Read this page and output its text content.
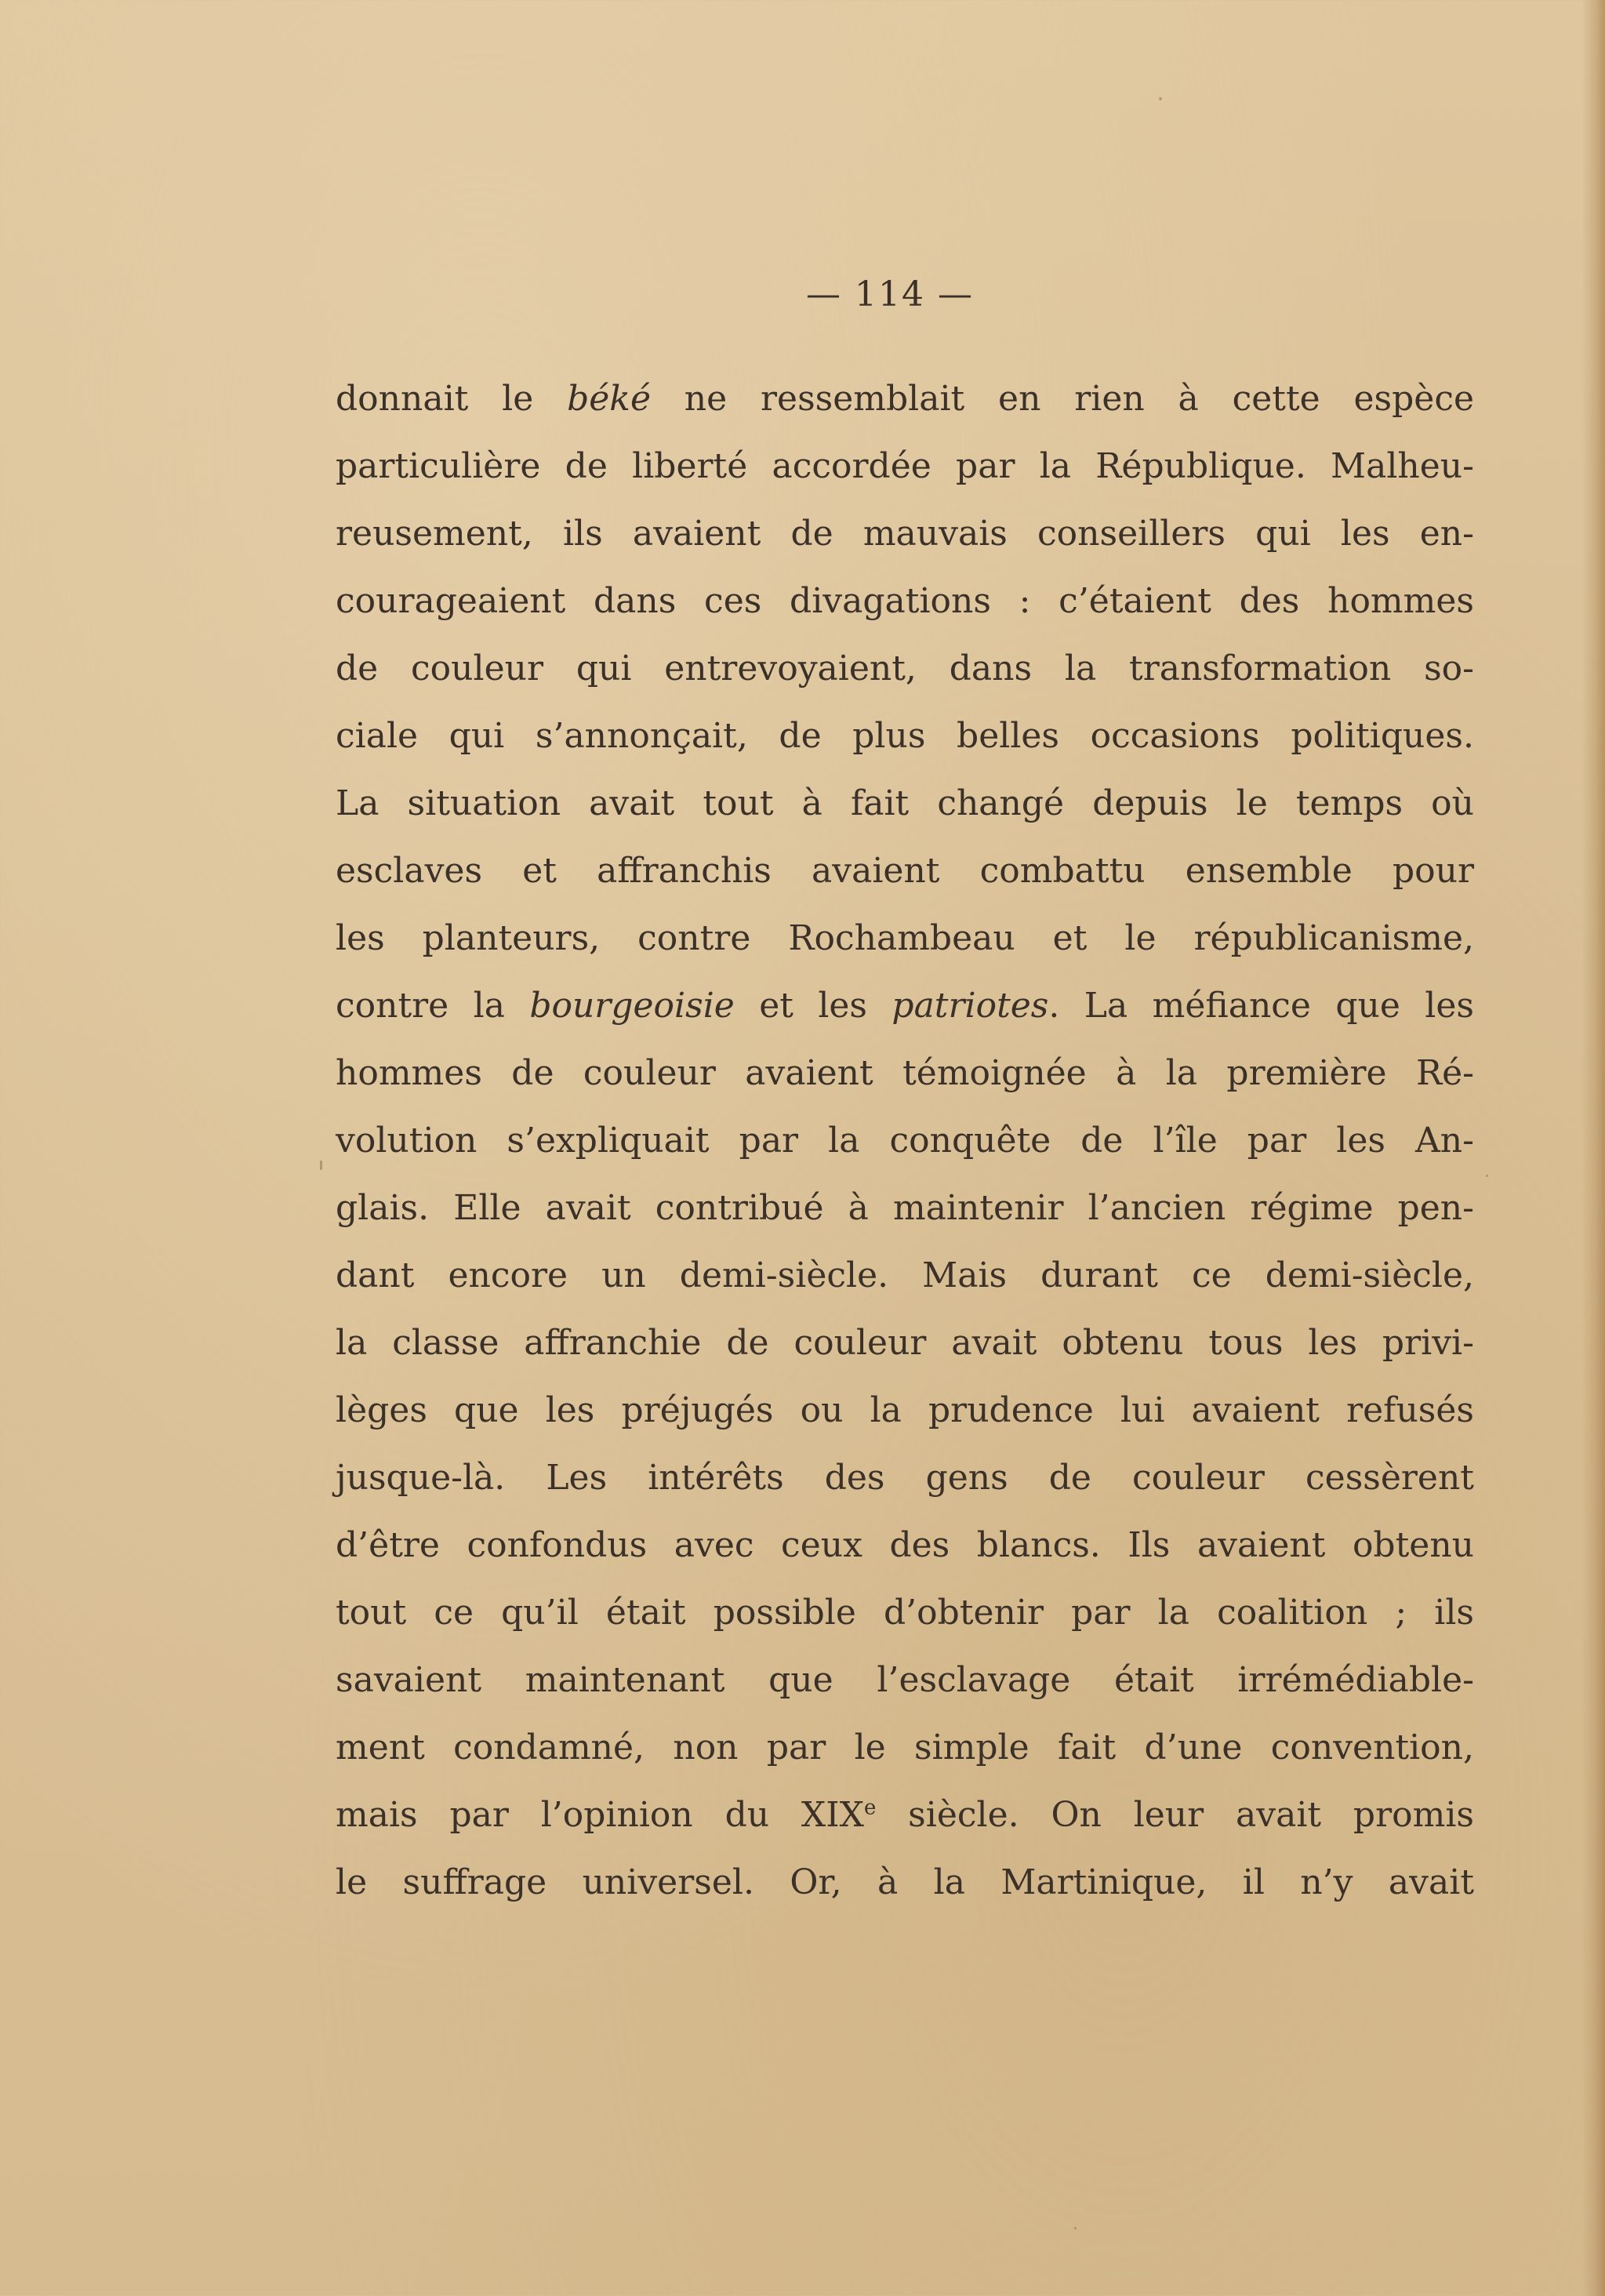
— 114 —
donnait le béké ne ressemblait en rien à cette espèce
particulière de liberté accordée par la République. Malheu-
reusement, ils avaient de mauvais conseillers qui les en-
courageaient dans ces divagations : c’étaient des hommes
de couleur qui entrevoyaient, dans la transformation so-
ciale qui s’annonçait, de plus belles occasions politiques.
La situation avait tout à fait changé depuis le temps où
esclaves et affranchis avaient combattu ensemble pour
les planteurs, contre Rochambeau et le républicanisme,
contre la bourgeoisie et les patriotes. La méfiance que les
hommes de couleur avaient témoignée à la première Ré-
volution s’expliquait par la conquête de l’île par les An-
glais. Elle avait contribué à maintenir l’ancien régime pen-
dant encore un demi-siècle. Mais durant ce demi-siècle,
la classe affranchie de couleur avait obtenu tous les privi-
lèges que les préjugés ou la prudence lui avaient refusés
jusque-là. Les intérêts des gens de couleur cessèrent
d’être confondus avec ceux des blancs. Ils avaient obtenu
tout ce qu’il était possible d’obtenir par la coalition ; ils
savaient maintenant que l’esclavage était irrémédiable-
ment condamné, non par le simple fait d’une convention,
mais par l’opinion du XIXe siècle. On leur avait promis
le suffrage universel. Or, à la Martinique, il n’y avait
